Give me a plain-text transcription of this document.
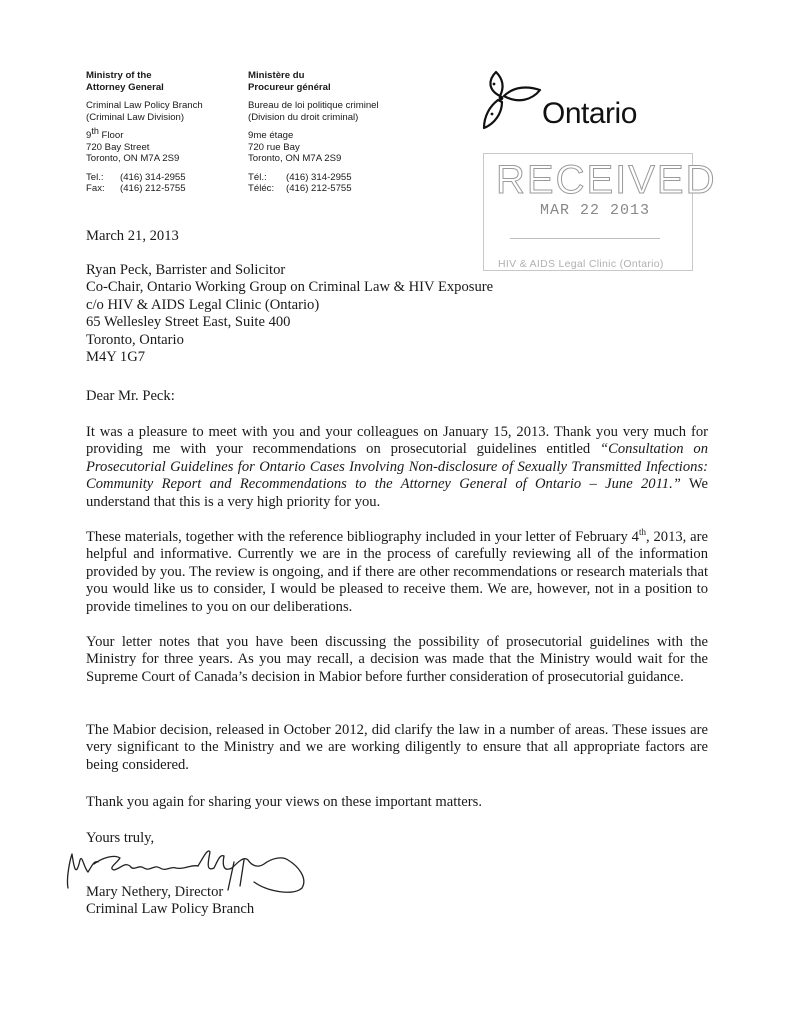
Ministry of the
Attorney General
Criminal Law Policy Branch
(Criminal Law Division)
9th Floor
720 Bay Street
Toronto, ON M7A 2S9
Tel.:	(416) 314-2955
Fax:	(416) 212-5755
Ministère du
Procureur général
Bureau de loi politique criminel
(Division du droit criminal)
9me étage
720 rue Bay
Toronto, ON M7A 2S9
Tél.:	(416) 314-2955
Téléc:	(416) 212-5755
Ontario
RECEIVED
MAR 22 2013
HIV & AIDS Legal Clinic (Ontario)
March 21, 2013
Ryan Peck, Barrister and Solicitor
Co-Chair, Ontario Working Group on Criminal Law & HIV Exposure
c/o HIV & AIDS Legal Clinic (Ontario)
65 Wellesley Street East, Suite 400
Toronto, Ontario
M4Y 1G7
Dear Mr. Peck:
It was a pleasure to meet with you and your colleagues on January 15, 2013. Thank you very much for providing me with your recommendations on prosecutorial guidelines entitled “Consultation on Prosecutorial Guidelines for Ontario Cases Involving Non-disclosure of Sexually Transmitted Infections: Community Report and Recommendations to the Attorney General of Ontario – June 2011.” We understand that this is a very high priority for you.
These materials, together with the reference bibliography included in your letter of February 4th, 2013, are helpful and informative. Currently we are in the process of carefully reviewing all of the information provided by you. The review is ongoing, and if there are other recommendations or research materials that you would like us to consider, I would be pleased to receive them. We are, however, not in a position to provide timelines to you on our deliberations.
Your letter notes that you have been discussing the possibility of prosecutorial guidelines with the Ministry for three years. As you may recall, a decision was made that the Ministry would wait for the Supreme Court of Canada’s decision in Mabior before further consideration of prosecutorial guidance.
The Mabior decision, released in October 2012, did clarify the law in a number of areas. These issues are very significant to the Ministry and we are working diligently to ensure that all appropriate factors are being considered.
Thank you again for sharing your views on these important matters.
Yours truly,
Mary Nethery, Director
Criminal Law Policy Branch
